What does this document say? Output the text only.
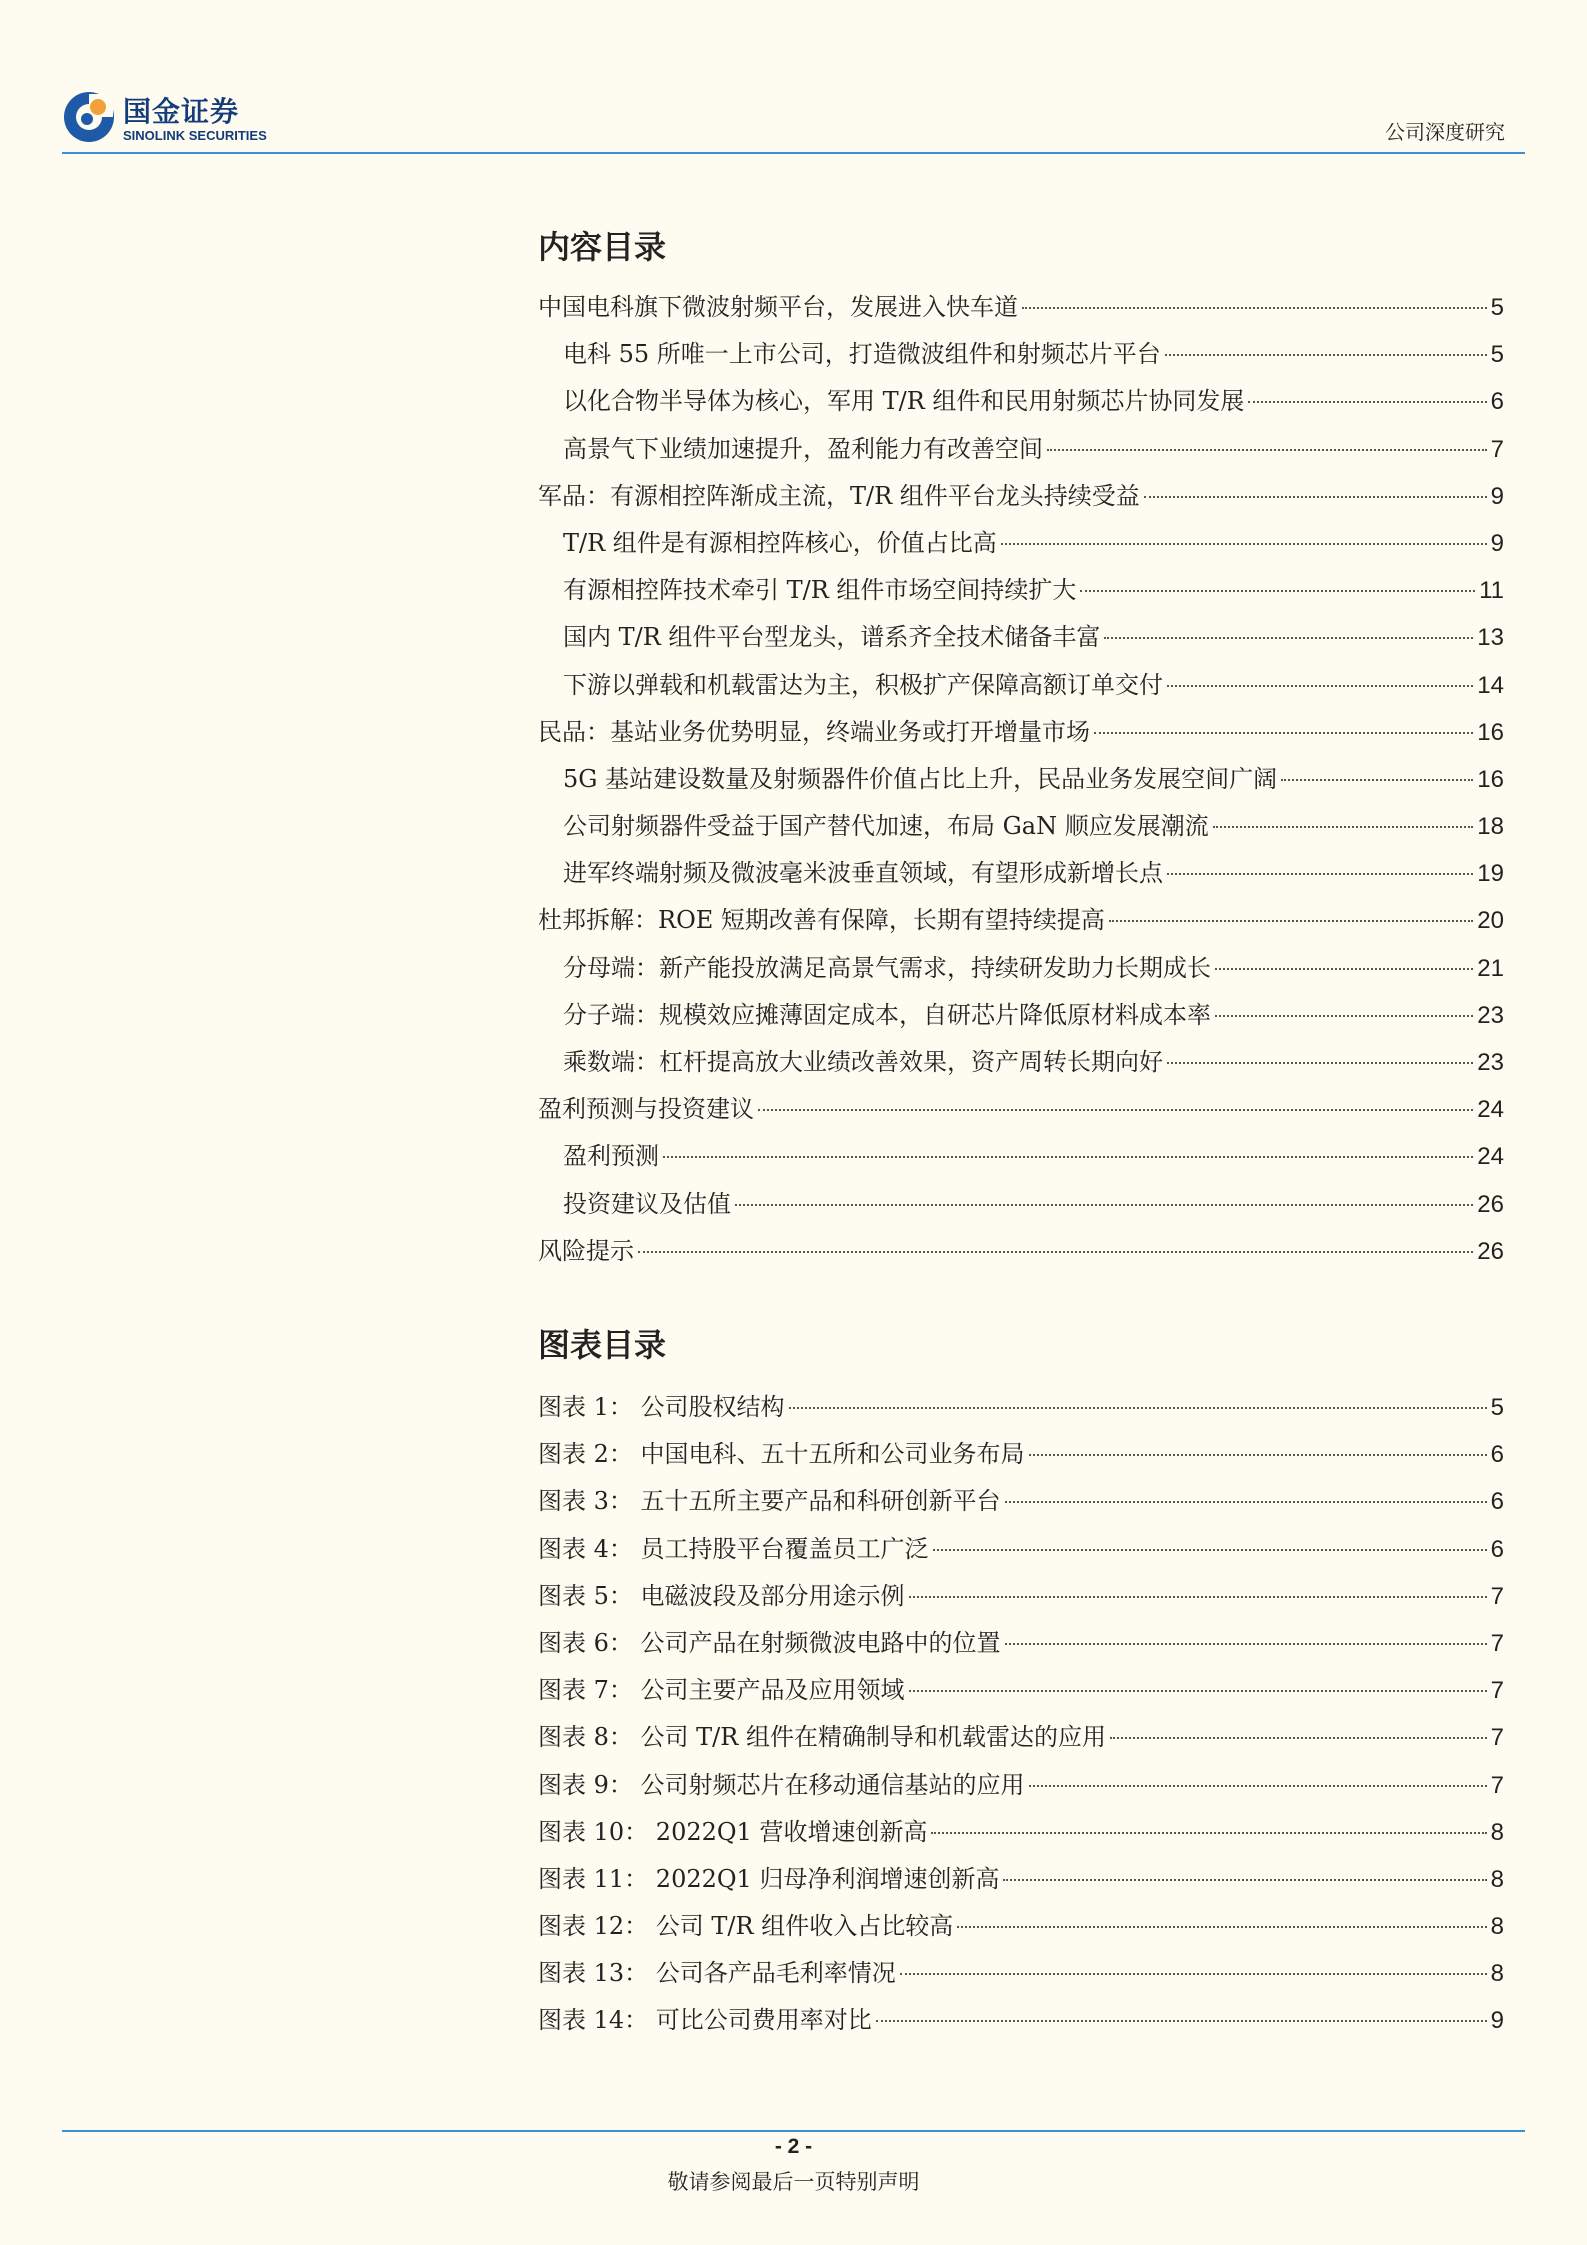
国金证券
SINOLINK SECURITIES	公司深度研究
内容目录
中国电科旗下微波射频平台，发展进入快车道	5
电科 55 所唯一上市公司，打造微波组件和射频芯片平台	5
以化合物半导体为核心，军用 T/R 组件和民用射频芯片协同发展	6
高景气下业绩加速提升，盈利能力有改善空间	7
军品：有源相控阵渐成主流，T/R 组件平台龙头持续受益	9
T/R 组件是有源相控阵核心，价值占比高	9
有源相控阵技术牵引 T/R 组件市场空间持续扩大	11
国内 T/R 组件平台型龙头，谱系齐全技术储备丰富	13
下游以弹载和机载雷达为主，积极扩产保障高额订单交付	14
民品：基站业务优势明显，终端业务或打开增量市场	16
5G 基站建设数量及射频器件价值占比上升，民品业务发展空间广阔	16
公司射频器件受益于国产替代加速，布局 GaN 顺应发展潮流	18
进军终端射频及微波毫米波垂直领域，有望形成新增长点	19
杜邦拆解：ROE 短期改善有保障，长期有望持续提高	20
分母端：新产能投放满足高景气需求，持续研发助力长期成长	21
分子端：规模效应摊薄固定成本，自研芯片降低原材料成本率	23
乘数端：杠杆提高放大业绩改善效果，资产周转长期向好	23
盈利预测与投资建议	24
盈利预测	24
投资建议及估值	26
风险提示	26
图表目录
图表 1： 公司股权结构	5
图表 2： 中国电科、五十五所和公司业务布局	6
图表 3： 五十五所主要产品和科研创新平台	6
图表 4： 员工持股平台覆盖员工广泛	6
图表 5： 电磁波段及部分用途示例	7
图表 6： 公司产品在射频微波电路中的位置	7
图表 7： 公司主要产品及应用领域	7
图表 8： 公司 T/R 组件在精确制导和机载雷达的应用	7
图表 9： 公司射频芯片在移动通信基站的应用	7
图表 10： 2022Q1 营收增速创新高	8
图表 11： 2022Q1 归母净利润增速创新高	8
图表 12： 公司 T/R 组件收入占比较高	8
图表 13： 公司各产品毛利率情况	8
图表 14： 可比公司费用率对比	9
- 2 -
敬请参阅最后一页特别声明
